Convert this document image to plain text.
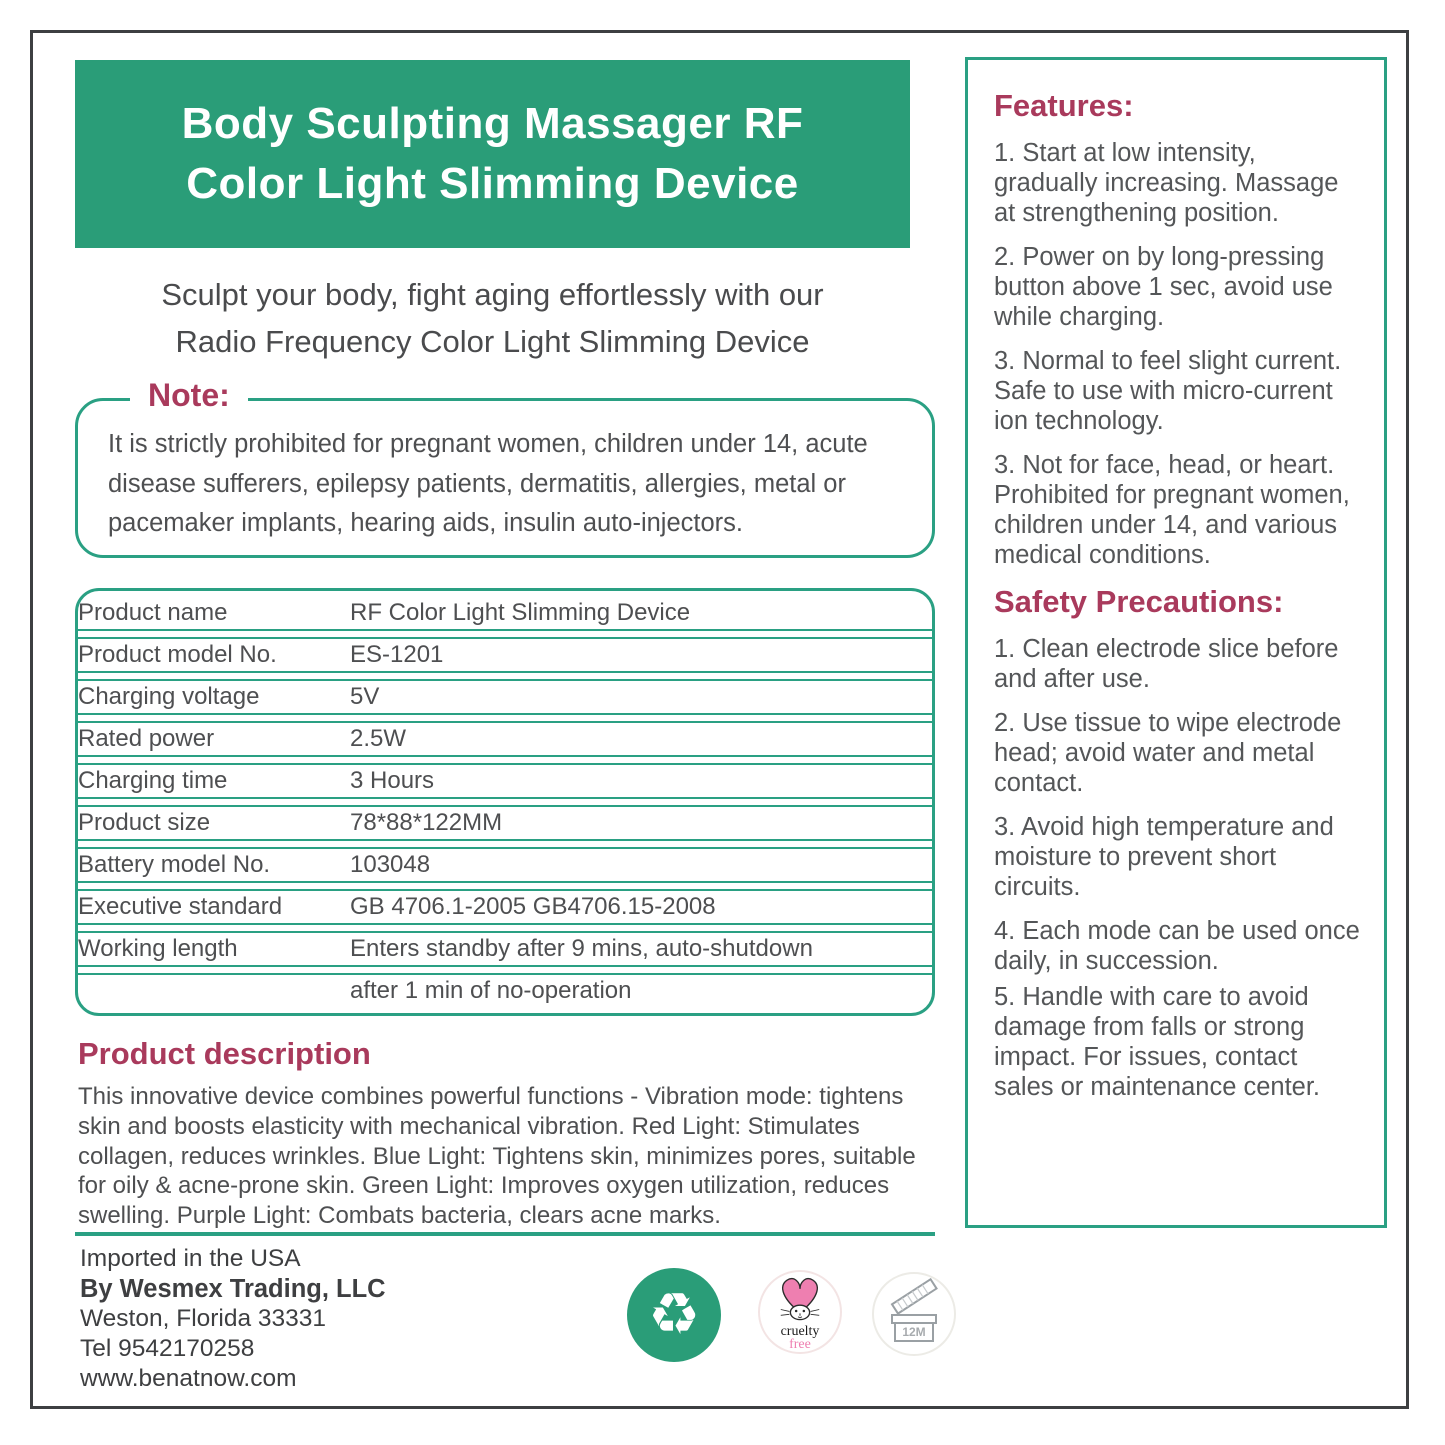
Body Sculpting Massager RF
Color Light Slimming Device
Sculpt your body, fight aging effortlessly with our
Radio Frequency Color Light Slimming Device
Note:
It is strictly prohibited for pregnant women, children under 14, acute disease sufferers, epilepsy patients, dermatitis, allergies, metal or pacemaker implants, hearing aids, insulin auto-injectors.
Product name	RF Color Light Slimming Device
Product model No.	ES-1201
Charging voltage	5V
Rated power	2.5W
Charging time	3 Hours
Product size	78*88*122MM
Battery model No.	103048
Executive standard	GB 4706.1-2005 GB4706.15-2008
Working length	Enters standby after 9 mins, auto-shutdown
	after 1 min of no-operation
Product description
This innovative device combines powerful functions - Vibration mode: tightens skin and boosts elasticity with mechanical vibration. Red Light: Stimulates collagen, reduces wrinkles. Blue Light: Tightens skin, minimizes pores, suitable for oily & acne-prone skin. Green Light: Improves oxygen utilization, reduces swelling. Purple Light: Combats bacteria, clears acne marks.
Imported in the USA
By Wesmex Trading, LLC
Weston, Florida 33331
Tel 9542170258
www.benatnow.com
♻	cruelty
free
12M
Features:

1. Start at low intensity, gradually increasing. Massage at strengthening position.

2. Power on by long-pressing button above 1 sec, avoid use while charging.

3. Normal to feel slight current. Safe to use with micro-current ion technology.

3. Not for face, head, or heart. Prohibited for pregnant women, children under 14, and various medical conditions.

Safety Precautions:

1. Clean electrode slice before and after use.

2. Use tissue to wipe electrode head; avoid water and metal contact.

3. Avoid high temperature and moisture to prevent short circuits.

4. Each mode can be used once daily, in succession.

5. Handle with care to avoid damage from falls or strong impact. For issues, contact sales or maintenance center.
